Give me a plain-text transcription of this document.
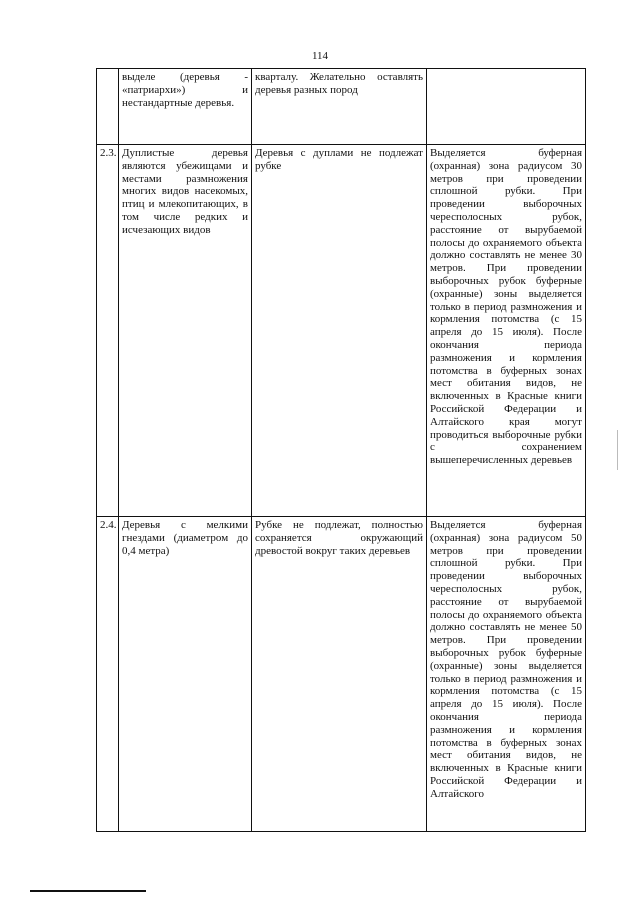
114
	выделе (деревья - «патриархи») и нестандартные деревья.	кварталу. Желательно оставлять деревья разных пород	
2.3.	Дуплистые деревья являются убежищами и местами размножения многих видов насекомых, птиц и млекопитающих, в том числе редких и исчезающих видов	Деревья с дуплами не подлежат рубке	Выделяется буферная (охранная) зона радиусом 30 метров при проведении сплошной рубки. При проведении выборочных чересполосных рубок, расстояние от вырубаемой полосы до охраняемого объекта должно составлять не менее 30 метров. При проведении выборочных рубок буферные (охранные) зоны выделяется только в период размножения и кормления потомства (с 15 апреля до 15 июля). После окончания периода размножения и кормления потомства в буферных зонах мест обитания видов, не включенных в Красные книги Российской Федерации и Алтайского края могут проводиться выборочные рубки с сохранением вышеперечисленных деревьев
2.4.	Деревья с мелкими гнездами (диаметром до 0,4 метра)	Рубке не подлежат, полностью сохраняется окружающий древостой вокруг таких деревьев	Выделяется буферная (охранная) зона радиусом 50 метров при проведении сплошной рубки. При проведении выборочных чересполосных рубок, расстояние от вырубаемой полосы до охраняемого объекта должно составлять не менее 50 метров. При проведении выборочных рубок буферные (охранные) зоны выделяется только в период размножения и кормления потомства (с 15 апреля до 15 июля). После окончания периода размножения и кормления потомства в буферных зонах мест обитания видов, не включенных в Красные книги Российской Федерации и Алтайского
